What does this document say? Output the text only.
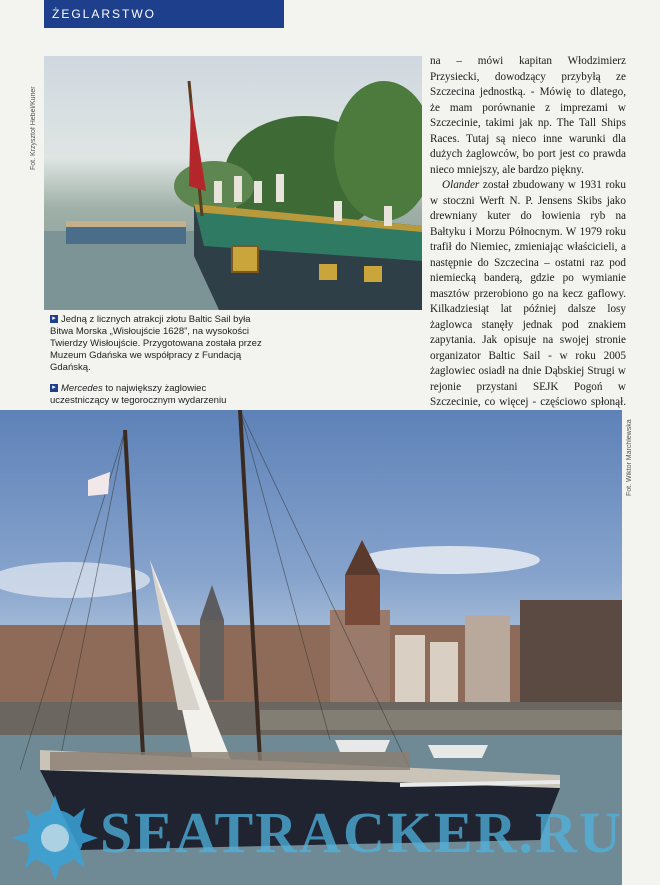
ŻEGLARSTWO
Fot. Krzysztof Hebel/Kurier
▸ Jedną z licznych atrakcji złotu Baltic Sail była Bitwa Morska „Wisłoujście 1628”, na wysokości Twierdzy Wisłoujście. Przygotowana została przez Muzeum Gdańska we współpracy z Fundacją Gdańską.
▸ Mercedes to największy żaglowiec uczestniczący w tegorocznym wydarzeniu

na – mówi kapitan Włodzimierz Przysiecki, dowodzący przybyłą ze Szczecina jednostką. - Mówię to dlatego, że mam porównanie z imprezami w Szczecinie, takimi jak np. The Tall Ships Races. Tutaj są nieco inne warunki dla dużych żaglowców, bo port jest co prawda nieco mniejszy, ale bardzo piękny.

Olander został zbudowany w 1931 roku w stoczni Werft N. P. Jensens Skibs jako drewniany kuter do łowienia ryb na Bałtyku i Morzu Północnym. W 1979 roku trafił do Niemiec, zmieniając właścicieli, a następnie do Szczecina – ostatni raz pod niemiecką banderą, gdzie po wymianie masztów przerobiono go na kecz gaflowy. Kilkadziesiąt lat później dalsze losy żaglowca stanęły jednak pod znakiem zapytania. Jak opisuje na swojej stronie organizator Baltic Sail - w roku 2005 żaglowiec osiadł na dnie Dąbskiej Strugi w rejonie przystani SEJK Pogoń w Szczecinie, co więcej - częściowo spłonął.

Fot. Wiktor Marchlewska
SEATRACKER.RU
